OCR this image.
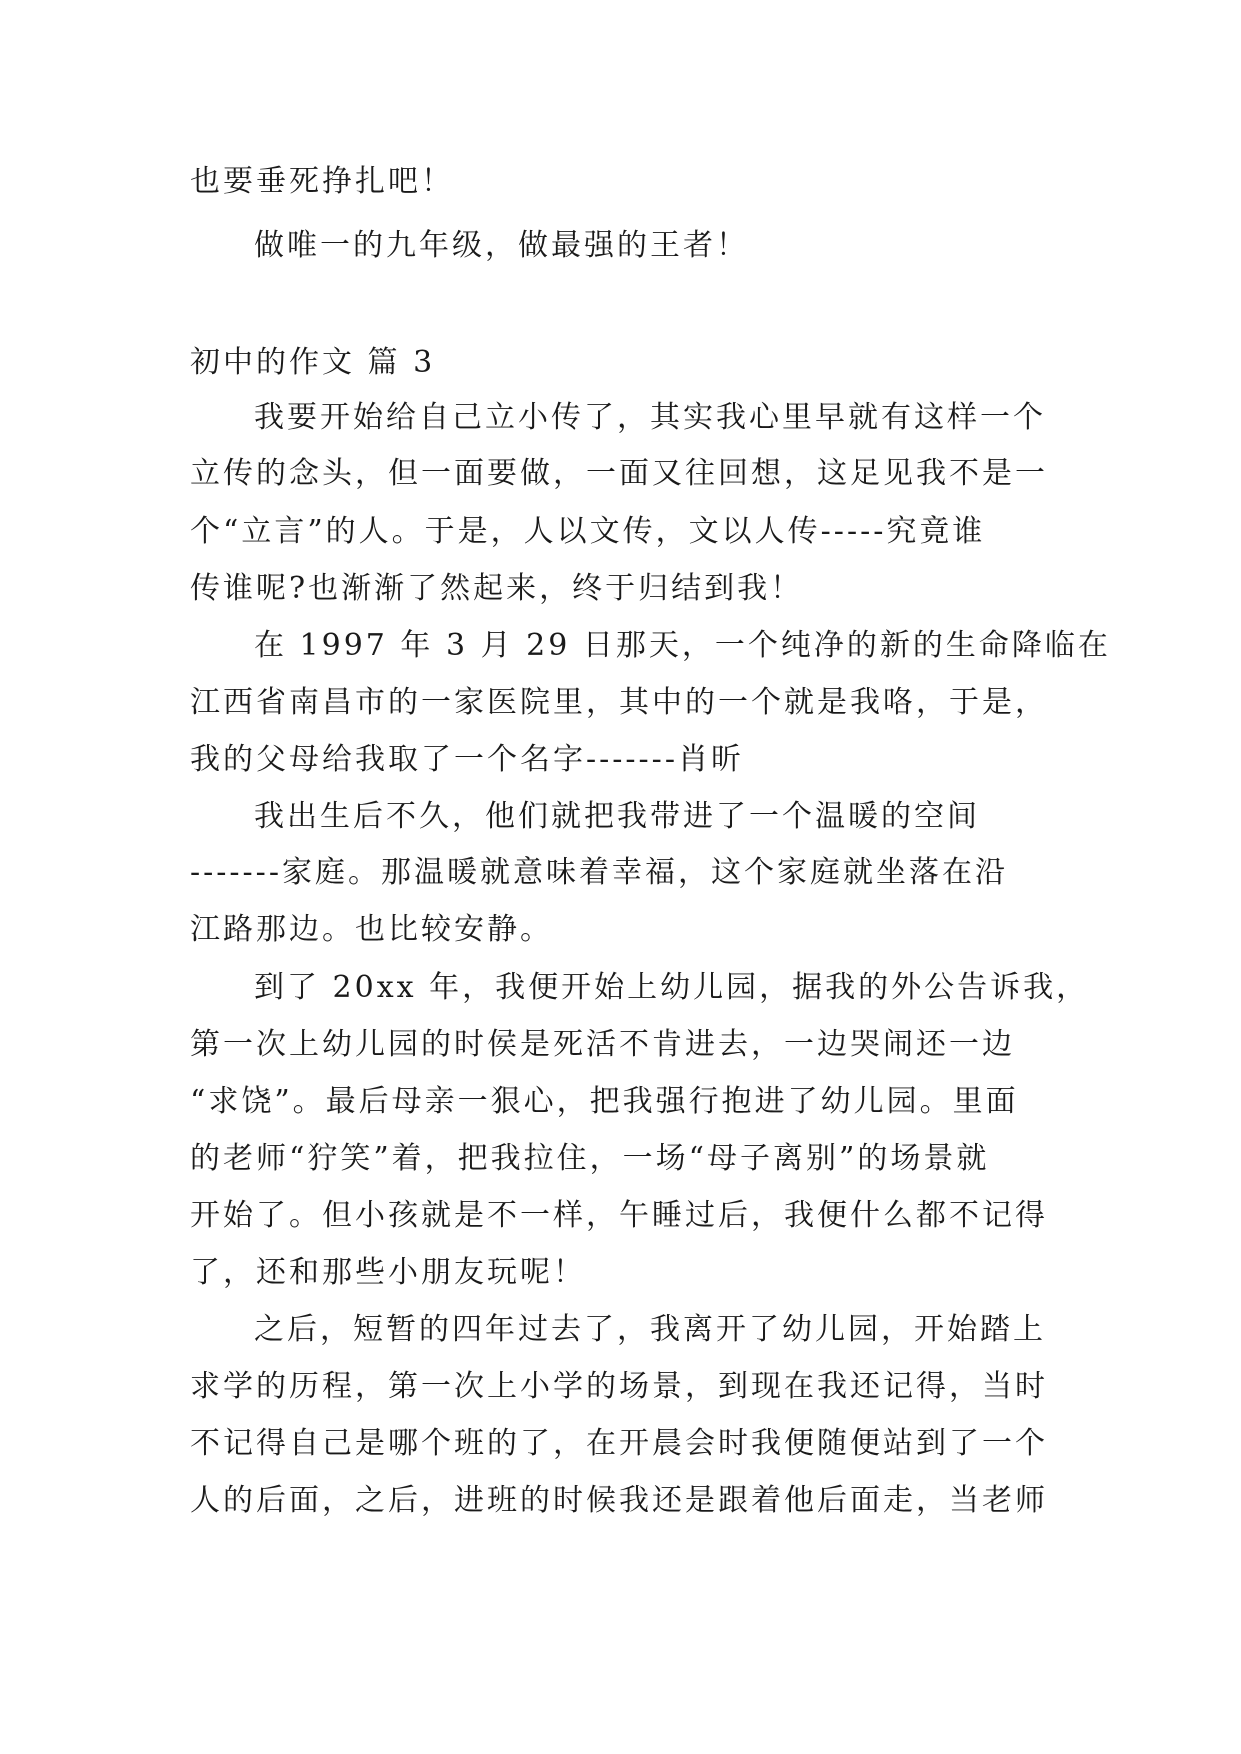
也要垂死挣扎吧！
做唯一的九年级，做最强的王者！
初中的作文 篇 3
我要开始给自己立小传了，其实我心里早就有这样一个
立传的念头，但一面要做，一面又往回想，这足见我不是一
个“立言”的人。于是，人以文传，文以人传-----究竟谁
传谁呢?也渐渐了然起来，终于归结到我！
在 1997 年 3 月 29 日那天，一个纯净的新的生命降临在
江西省南昌市的一家医院里，其中的一个就是我咯，于是，
我的父母给我取了一个名字-------肖昕
我出生后不久，他们就把我带进了一个温暖的空间
-------家庭。那温暖就意味着幸福，这个家庭就坐落在沿
江路那边。也比较安静。
到了 20xx 年，我便开始上幼儿园，据我的外公告诉我，
第一次上幼儿园的时侯是死活不肯进去，一边哭闹还一边
“求饶”。最后母亲一狠心，把我强行抱进了幼儿园。里面
的老师“狞笑”着，把我拉住，一场“母子离别”的场景就
开始了。但小孩就是不一样，午睡过后，我便什么都不记得
了，还和那些小朋友玩呢！
之后，短暂的四年过去了，我离开了幼儿园，开始踏上
求学的历程，第一次上小学的场景，到现在我还记得，当时
不记得自己是哪个班的了，在开晨会时我便随便站到了一个
人的后面，之后，进班的时候我还是跟着他后面走，当老师
